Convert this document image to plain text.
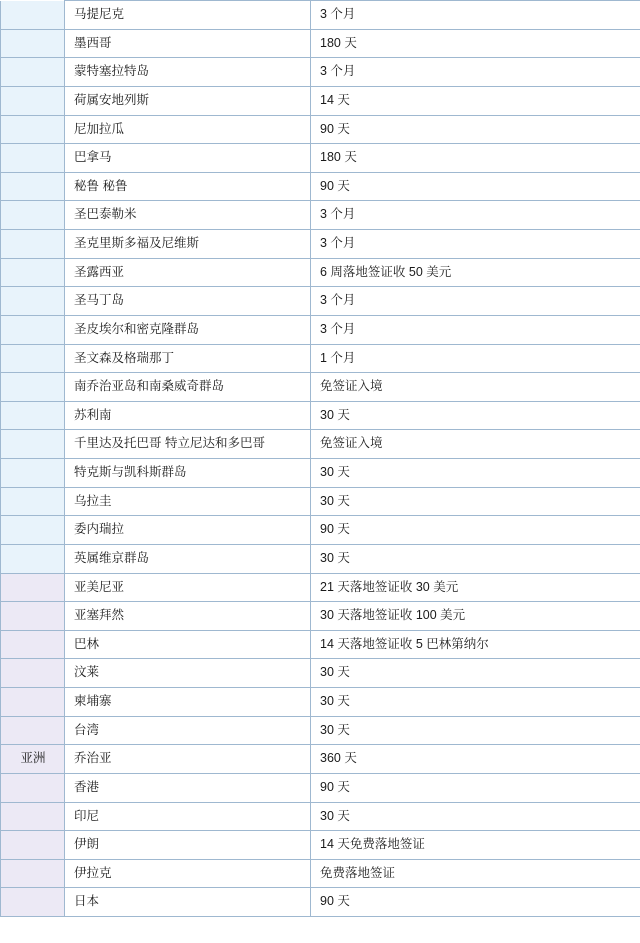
	马提尼克	3 个月
	墨西哥	180 天
	蒙特塞拉特岛	3 个月
	荷属安地列斯	14 天
	尼加拉瓜	90 天
	巴拿马	180 天
	秘鲁 秘鲁	90 天
	圣巴泰勒米	3 个月
	圣克里斯多福及尼维斯	3 个月
	圣露西亚	6 周落地签证收 50 美元
	圣马丁岛	3 个月
	圣皮埃尔和密克隆群岛	3 个月
	圣文森及格瑞那丁	1 个月
	南乔治亚岛和南桑威奇群岛	免签证入境
	苏利南	30 天
	千里达及托巴哥 特立尼达和多巴哥	免签证入境
	特克斯与凯科斯群岛	30 天
	乌拉圭	30 天
	委内瑞拉	90 天
	英属维京群岛	30 天
	亚美尼亚	21 天落地签证收 30 美元
	亚塞拜然	30 天落地签证收 100 美元
	巴林	14 天落地签证收 5 巴林第纳尔
	汶莱	30 天
	柬埔寨	30 天
	台湾	30 天
亚洲	乔治亚	360 天
	香港	90 天
	印尼	30 天
	伊朗	14 天免费落地签证
	伊拉克	免费落地签证
	日本	90 天
